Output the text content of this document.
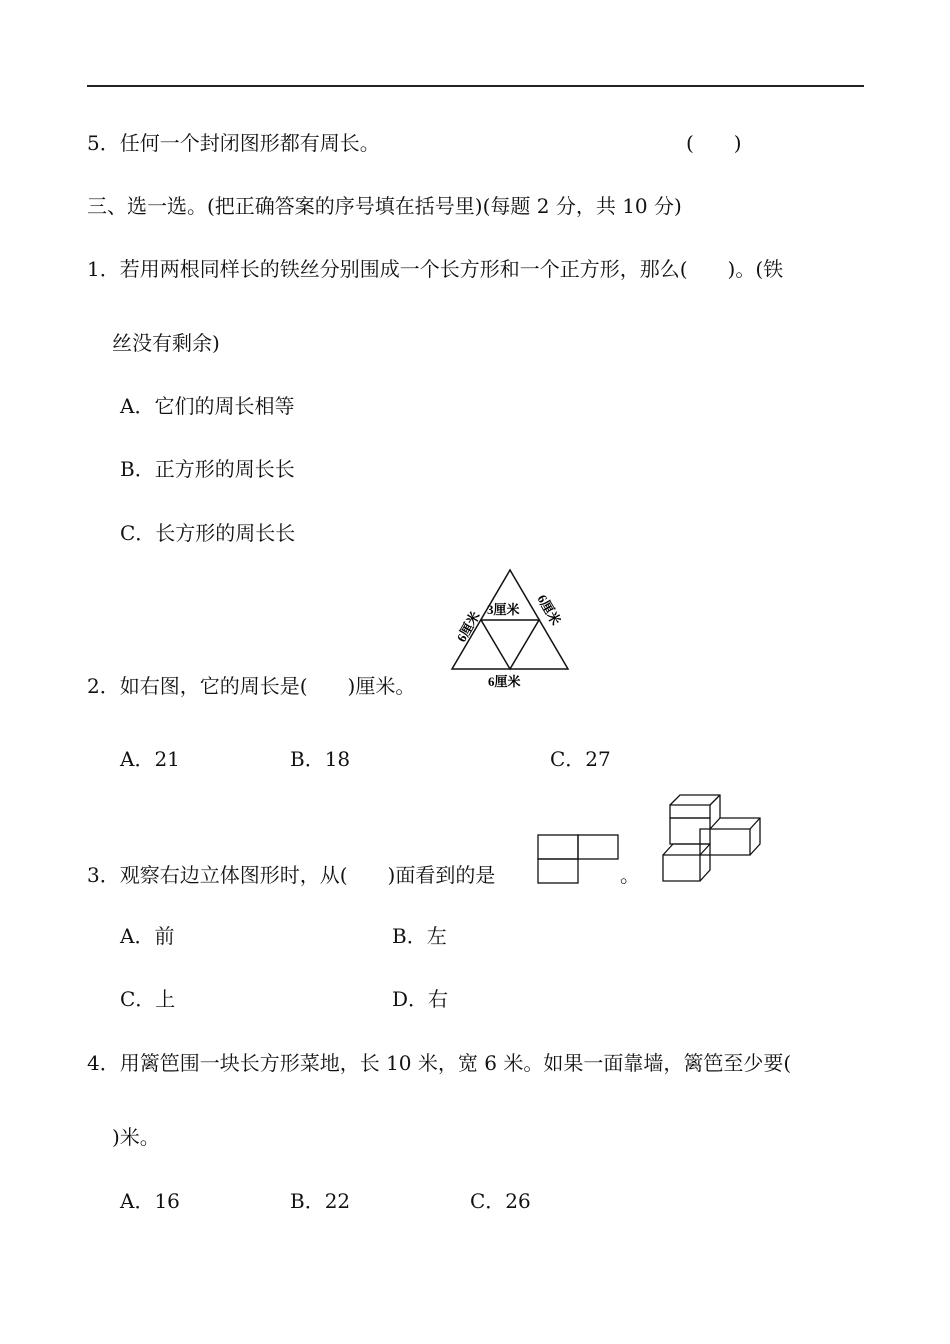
5．任何一个封闭图形都有周长。	(　　)
三、选一选。(把正确答案的序号填在括号里)(每题 2 分，共 10 分)
1．若用两根同样长的铁丝分别围成一个长方形和一个正方形，那么(　　)。(铁
丝没有剩余)
A．它们的周长相等
B．正方形的周长长
C．长方形的周长长
2．如右图，它的周长是(　　)厘米。
6厘米	6厘米
3厘米
6厘米
A．21	B．18	C．27
3．观察右边立体图形时，从(　　)面看到的是	。
A．前	B．左
C．上	D．右
4．用篱笆围一块长方形菜地，长 10 米，宽 6 米。如果一面靠墙，篱笆至少要(
)米。
A．16	B．22	C．26
